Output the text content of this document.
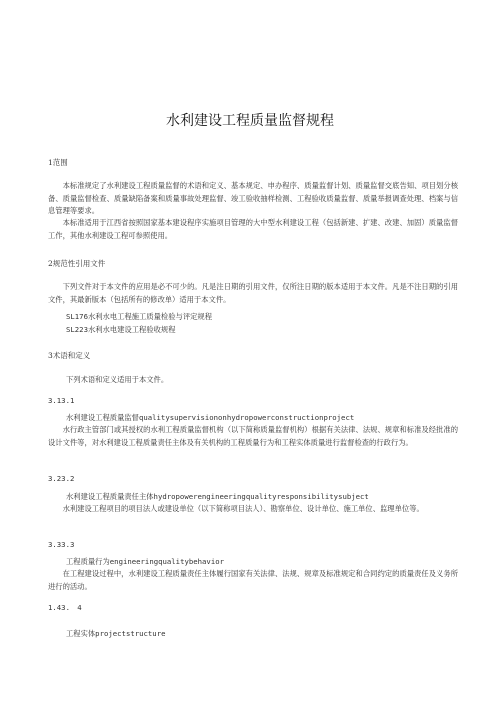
水利建设工程质量监督规程
1范围
本标准规定了水利建设工程质量监督的术语和定义、基本规定、申办程序、质量监督计划、质量监督交底告知、项目划分核备、质量监督检查、质量缺陷备案和质量事故处理监督、竣工验收抽样检测、工程验收质量监督、质量举报调查处理、档案与信息管理等要求。
本标准适用于江西省按照国家基本建设程序实施项目管理的大中型水利建设工程（包括新建、扩建、改建、加固）质量监督工作，其他水利建设工程可参照使用。
2规范性引用文件
下列文件对于本文件的应用是必不可少的。凡是注日期的引用文件，仅所注日期的版本适用于本文件。凡是不注日期的引用文件，其最新版本（包括所有的修改单）适用于本文件。
SL176水利水电工程施工质量检验与评定规程
SL223水利水电建设工程验收规程
3术语和定义
下列术语和定义适用于本文件。
3.13.1
水利建设工程质量监督qualitysupervisiononhydropowerconstructionproject
水行政主管部门或其授权的水利工程质量监督机构（以下简称质量监督机构）根据有关法律、法规、规章和标准及经批准的设计文件等，对水利建设工程质量责任主体及有关机构的工程质量行为和工程实体质量进行监督检查的行政行为。
3.23.2
水利建设工程质量责任主体hydropowerengineeringqualityresponsibilitysubject
水利建设工程项目的项目法人或建设单位（以下简称项目法人）、勘察单位、设计单位、施工单位、监理单位等。
3.33.3
工程质量行为engineeringqualitybehavior
在工程建设过程中，水利建设工程质量责任主体履行国家有关法律、法规、规章及标准规定和合同约定的质量责任及义务所进行的活动。
1.43.　4
工程实体projectstructure
